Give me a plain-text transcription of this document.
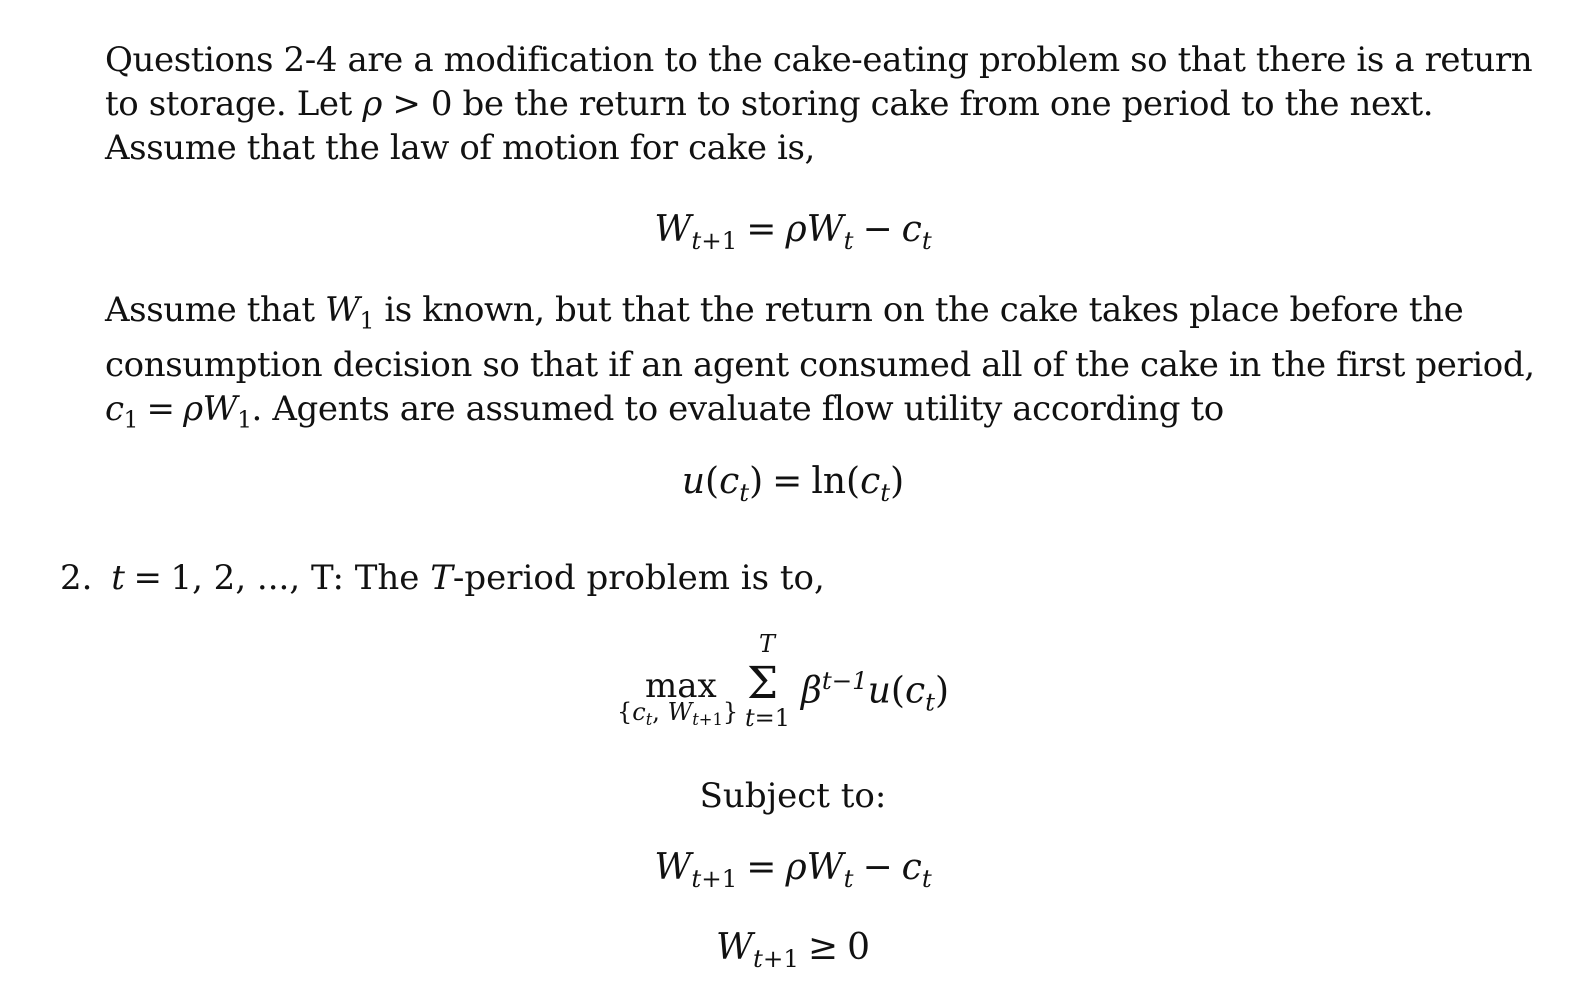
Questions 2-4 are a modification to the cake-eating problem so that there is a return
to storage. Let ρ > 0 be the return to storing cake from one period to the next.
Assume that the law of motion for cake is,
$W_{t+1} = \rho W_t - c_t$
Assume that $W_1$ is known, but that the return on the cake takes place before the
consumption decision so that if an agent consumed all of the cake in the first period,
$c_1 = \rho W_1$. Agents are assumed to evaluate flow utility according to
$u(c_t) = \ln(c_t)$
2. t = 1, 2, ..., T: The T-period problem is to,
max
{$c_t$, $W_{t+1}$}
T
Σ
t=1
$\beta^{t-1}u(c_t)$
Subject to:
$W_{t+1} = \rho W_t - c_t$
$W_{t+1} \ge 0$
